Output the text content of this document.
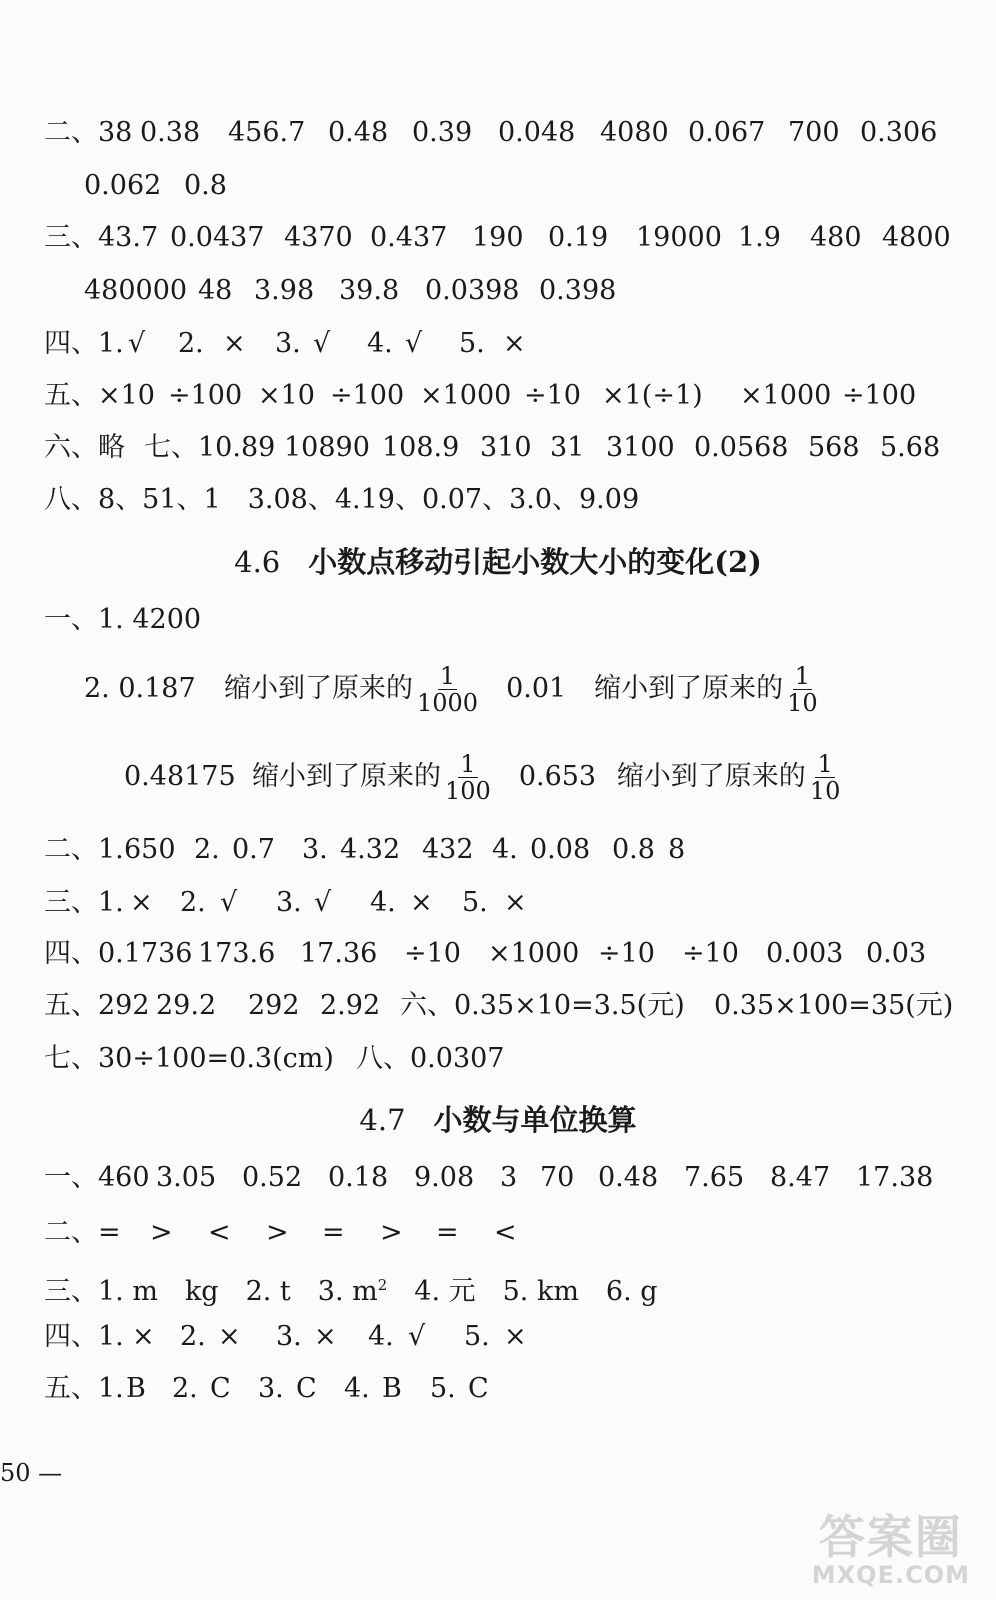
二、38 0.38 456.7 0.48 0.39 0.048 4080 0.067 700 0.306
0.062 0.8
三、43.7 0.0437 4370 0.437 190 0.19 19000 1.9 480 4800
480000 48 3.98 39.8 0.0398 0.398
四、1. √ 2. × 3. √ 4. √ 5. ×
五、×10 ÷100 ×10 ÷100 ×1000 ÷10 ×1(÷1) ×1000 ÷100
六、略 七、10.89 10890 108.9 310 31 3100 0.0568 568 5.68
八、8、51、1　3.08、4.19、0.07、3.0、9.09
4.6 小数点移动引起小数大小的变化(2)
一、1. 4200
2. 0.187 缩小到了原来的 $\frac{1}{1000} 0.01$ 缩小到了原来的 $\frac{1}{10}$
0.48175 缩小到了原来的 $\frac{1}{100} 0.653$ 缩小到了原来的 $\frac{1}{10}$
二、1.650 2. 0.7 3. 4.32 432 4. 0.08 0.8 8
三、1. × 2. √ 3. √ 4. × 5. ×
四、0.1736 173.6 17.36 ÷10 ×1000 ÷10 ÷10 0.003 0.03
五、292 29.2 292 2.92 六、0.35×10=3.5(元) 0.35×100=35(元)
七、30÷100=0.3(cm) 八、0.0307
4.7 小数与单位换算
一、460 3.05 0.52 0.18 9.08 3 70 0.48 7.65 8.47 17.38
二、= > < > = > = <
三、1. m　kg　2. t　3. $m^2$　4. 元　5. km　6. g
四、1. × 2. × 3. × 4. √ 5. ×
五、1.B 2. C 3. C 4. B 5. C
50 —
答案圈
MXQE.COM
